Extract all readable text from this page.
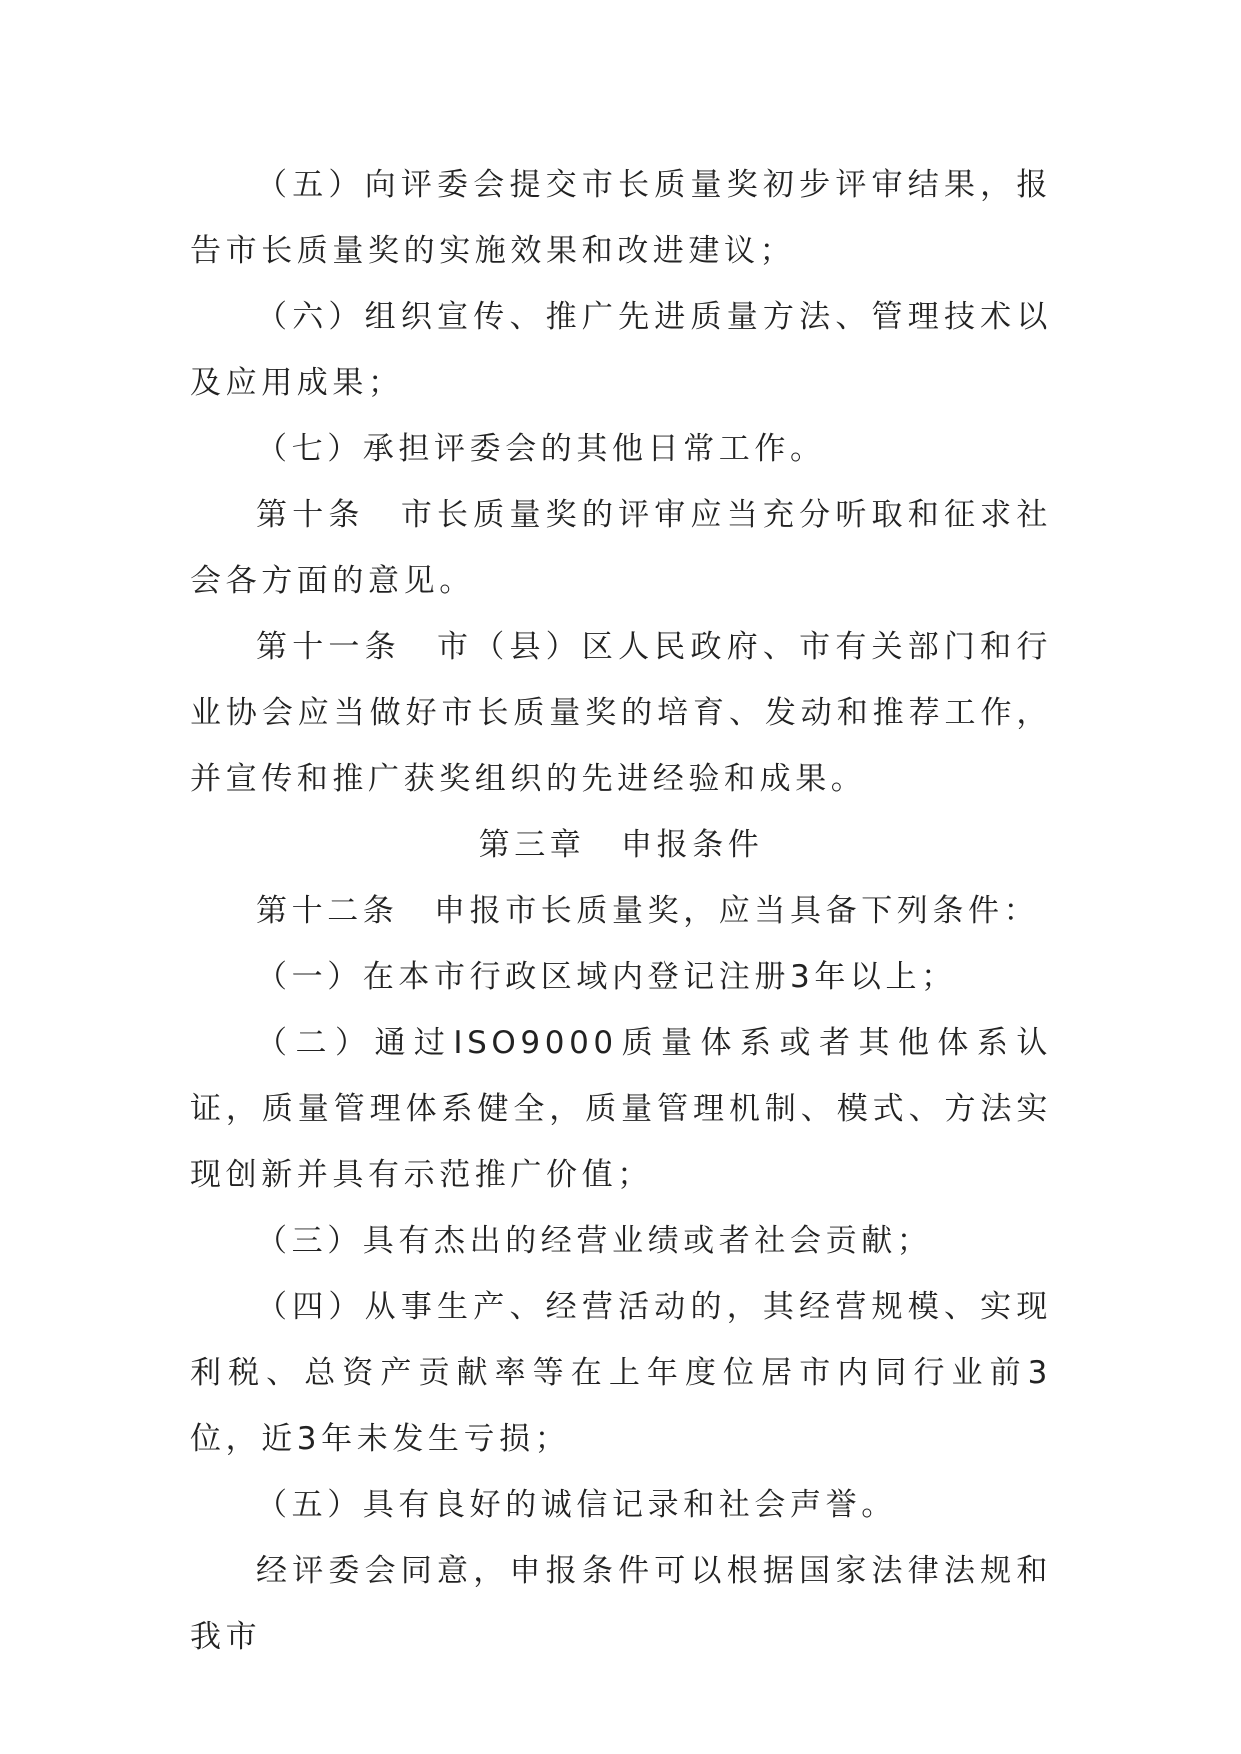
（五）向评委会提交市长质量奖初步评审结果，报告市长质量奖的实施效果和改进建议；

（六）组织宣传、推广先进质量方法、管理技术以及应用成果；

（七）承担评委会的其他日常工作。

第十条　市长质量奖的评审应当充分听取和征求社会各方面的意见。

第十一条　市（县）区人民政府、市有关部门和行业协会应当做好市长质量奖的培育、发动和推荐工作，并宣传和推广获奖组织的先进经验和成果。

第三章　申报条件

第十二条　申报市长质量奖，应当具备下列条件：

（一）在本市行政区域内登记注册3年以上；

（二）通过ISO9000质量体系或者其他体系认证，质量管理体系健全，质量管理机制、模式、方法实现创新并具有示范推广价值；

（三）具有杰出的经营业绩或者社会贡献；

（四）从事生产、经营活动的，其经营规模、实现利税、总资产贡献率等在上年度位居市内同行业前3位，近3年未发生亏损；

（五）具有良好的诚信记录和社会声誉。

经评委会同意，申报条件可以根据国家法律法规和我市
